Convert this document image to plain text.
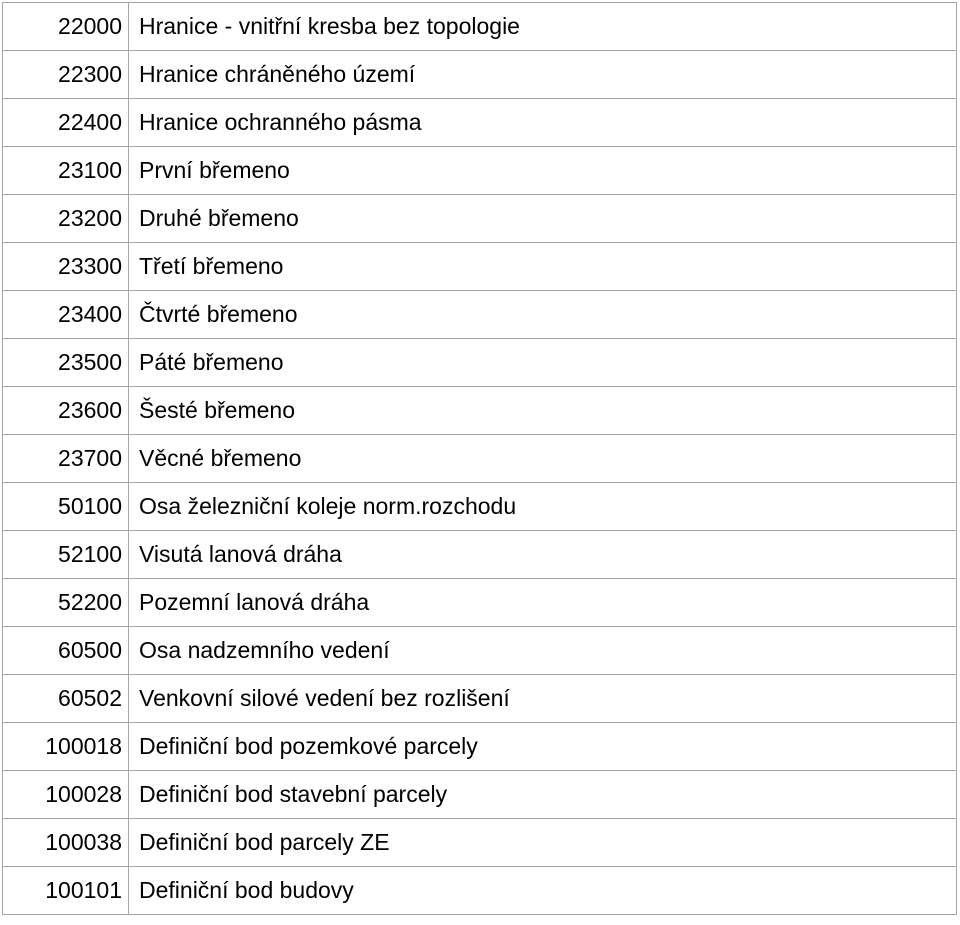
22000	Hranice - vnitřní kresba bez topologie
22300	Hranice chráněného území
22400	Hranice ochranného pásma
23100	První břemeno
23200	Druhé břemeno
23300	Třetí břemeno
23400	Čtvrté břemeno
23500	Páté břemeno
23600	Šesté břemeno
23700	Věcné břemeno
50100	Osa železniční koleje norm.rozchodu
52100	Visutá lanová dráha
52200	Pozemní lanová dráha
60500	Osa nadzemního vedení
60502	Venkovní silové vedení bez rozlišení
100018	Definiční bod pozemkové parcely
100028	Definiční bod stavební parcely
100038	Definiční bod parcely ZE
100101	Definiční bod budovy
